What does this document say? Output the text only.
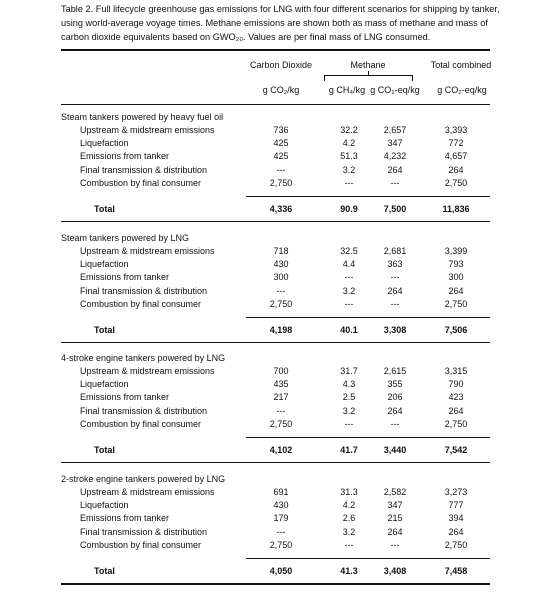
Table 2. Full lifecycle greenhouse gas emissions for LNG with four different scenarios for shipping by tanker, using world-average voyage times. Methane emissions are shown both as mass of methane and mass of carbon dioxide equivalents based on GWO₂₀. Values are per final mass of LNG consumed.
Carbon Dioxide	Methane	Total combined
g CO₂/kg	g CH₄/kg g CO₂-eq/kg	g CO₂-eq/kg
Steam tankers powered by heavy fuel oil
Upstream & midstream emissions	736	32.2	2,657	3,393
Liquefaction	425	4.2	347	772
Emissions from tanker	425	51.3	4,232	4,657
Final transmission & distribution	---	3.2	264	264
Combustion by final consumer	2,750	---	---	2,750
Total	4,336	90.9	7,500	11,836
Steam tankers powered by LNG
Upstream & midstream emissions	718	32.5	2,681	3,399
Liquefaction	430	4.4	363	793
Emissions from tanker	300	---	---	300
Final transmission & distribution	---	3.2	264	264
Combustion by final consumer	2,750	---	---	2,750
Total	4,198	40.1	3,308	7,506
4-stroke engine tankers powered by LNG
Upstream & midstream emissions	700	31.7	2,615	3,315
Liquefaction	435	4.3	355	790
Emissions from tanker	217	2.5	206	423
Final transmission & distribution	---	3.2	264	264
Combustion by final consumer	2,750	---	---	2,750
Total	4,102	41.7	3,440	7,542
2-stroke engine tankers powered by LNG
Upstream & midstream emissions	691	31.3	2,582	3,273
Liquefaction	430	4.2	347	777
Emissions from tanker	179	2.6	215	394
Final transmission & distribution	---	3.2	264	264
Combustion by final consumer	2,750	---	---	2,750
Total	4,050	41.3	3,408	7,458
